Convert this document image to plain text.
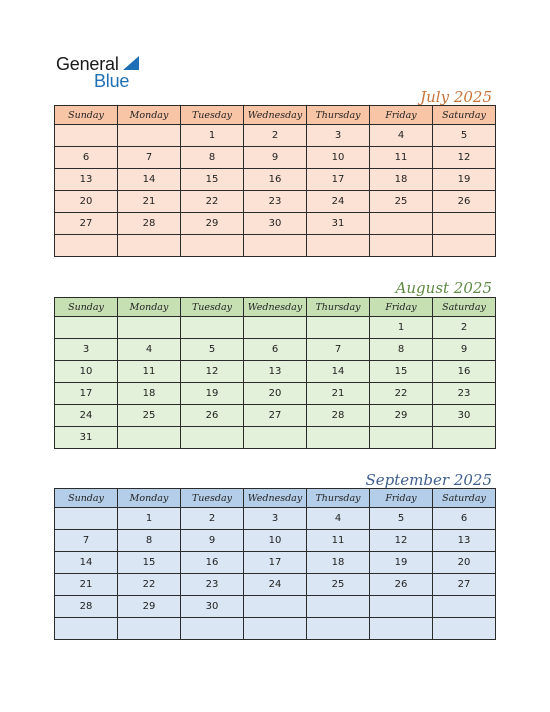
General
Blue
July 2025
Sunday	Monday	Tuesday	Wednesday	Thursday	Friday	Saturday
		1	2	3	4	5
6	7	8	9	10	11	12
13	14	15	16	17	18	19
20	21	22	23	24	25	26
27	28	29	30	31		

August 2025
Sunday	Monday	Tuesday	Wednesday	Thursday	Friday	Saturday
					1	2
3	4	5	6	7	8	9
10	11	12	13	14	15	16
17	18	19	20	21	22	23
24	25	26	27	28	29	30
31						
September 2025
Sunday	Monday	Tuesday	Wednesday	Thursday	Friday	Saturday
	1	2	3	4	5	6
7	8	9	10	11	12	13
14	15	16	17	18	19	20
21	22	23	24	25	26	27
28	29	30				
